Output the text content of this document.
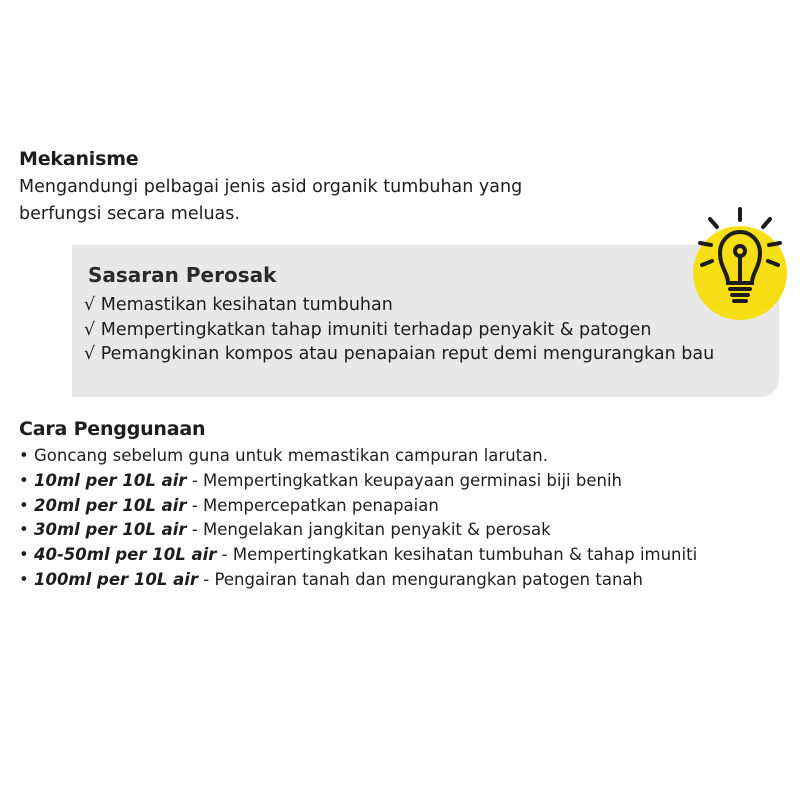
Mekanisme

Mengandungi pelbagai jenis asid organik tumbuhan yang
berfungsi secara meluas.

Sasaran Perosak
√ Memastikan kesihatan tumbuhan
√ Mempertingkatkan tahap imuniti terhadap penyakit & patogen
√ Pemangkinan kompos atau penapaian reput demi mengurangkan bau
Cara Penggunaan
• Goncang sebelum guna untuk memastikan campuran larutan.
• 10ml per 10L air - Mempertingkatkan keupayaan germinasi biji benih
• 20ml per 10L air - Mempercepatkan penapaian
• 30ml per 10L air - Mengelakan jangkitan penyakit & perosak
• 40-50ml per 10L air - Mempertingkatkan kesihatan tumbuhan & tahap imuniti
• 100ml per 10L air - Pengairan tanah dan mengurangkan patogen tanah
